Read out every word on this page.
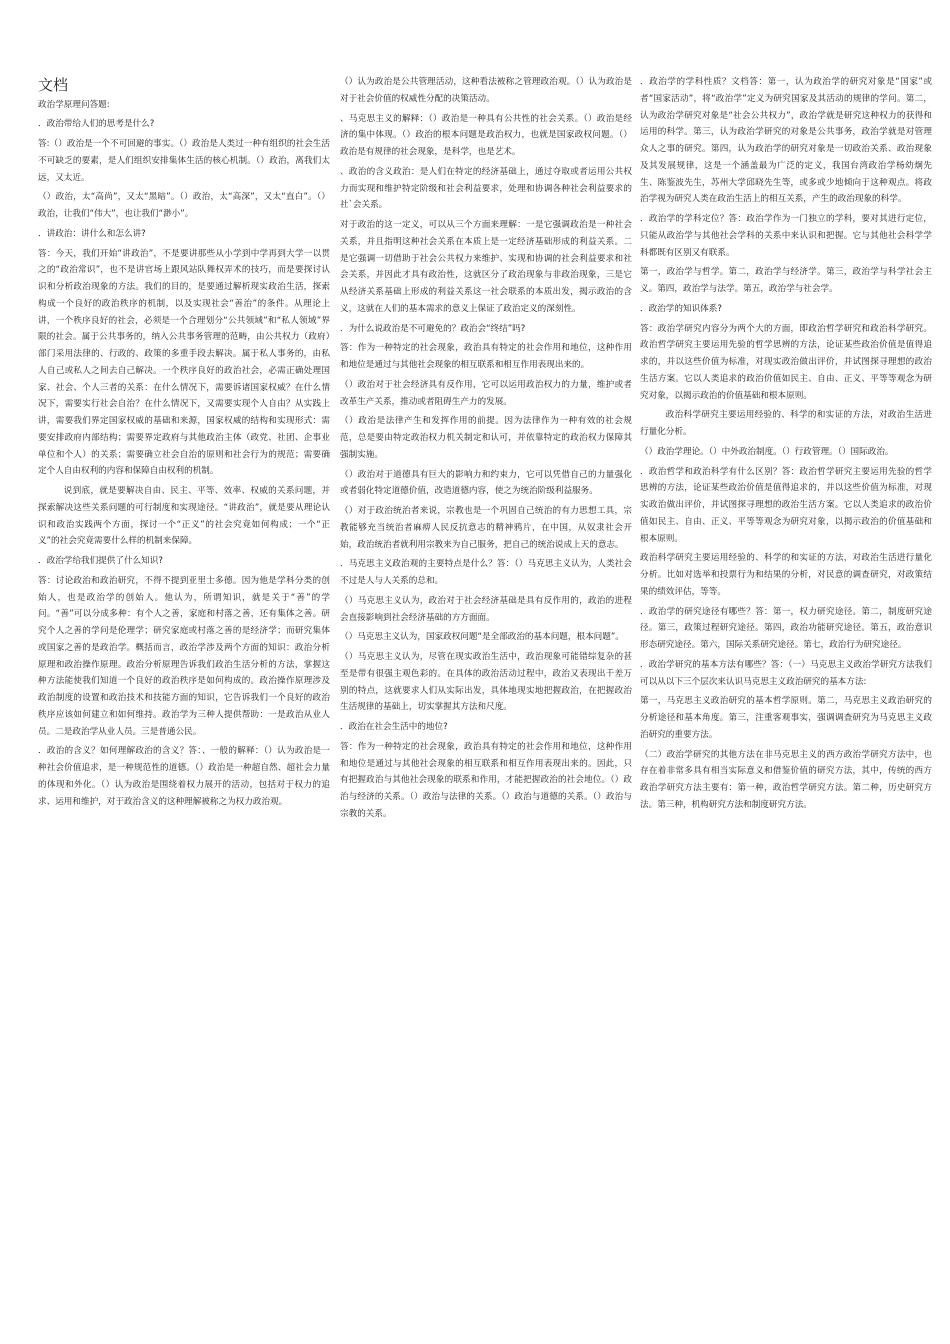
文档

政治学原理问答题:

．政治带给人们的思考是什么?

答:（）政治是一个不可回避的事实。（）政治是人类过一种有组织的社会生活不可缺乏的要素，是人们组织安排集体生活的核心机制。（）政治，离我们太远，又太近。

（）政治，太“高尚”，又太“黑暗”。（）政治，太“高深”，又太“直白”。（）政治，让我们“伟大”，也让我们“渺小”。

．讲政治：讲什么和怎么讲?

答：今天，我们开始“讲政治”，不是要讲那些从小学到中学再到大学一以贯之的“政治常识”，也不是讲官场上跟风站队舞权弄术的技巧，而是要探讨认识和分析政治现象的方法。我们的目的，是要通过解析现实政治生活，探索构成一个良好的政治秩序的机制，以及实现社会“善治”的条件。从理论上讲，一个秩序良好的社会，必须是一个合理划分“公共领域”和“私人领域”界限的社会。属于公共事务的，纳入公共事务管理的范畴，由公共权力（政府）部门采用法律的、行政的、政策的多重手段去解决。属于私人事务的，由私人自己或私人之间去自己解决。一个秩序良好的政治社会，必需正确处理国家、社会、个人三者的关系：在什么情况下，需要诉诸国家权威？在什么情况下，需要实行社会自治？在什么情况下，又需要实现个人自由？从实践上讲，需要我们界定国家权威的基础和来源，国家权威的结构和实现形式：需要安排政府内部结构；需要界定政府与其他政治主体（政党、社团、企事业单位和个人）的关系；需要确立社会自治的原则和社会行为的规范；需要确定个人自由权利的内容和保障自由权利的机制。

说到底，就是要解决自由、民主、平等、效率、权威的关系问题，并探索解决这些关系问题的可行制度和实现途径。“讲政治”，就是要从理论认识和政治实践两个方面，探讨一个“正义”的社会究竟如何构成；一个“正义”的社会究竟需要什么样的机制来保障。

．政治学给我们提供了什么知识?

答：讨论政治和政治研究，不得不提到亚里士多德。因为他是学科分类的创始人，也是政治学的创始人。他认为，所谓知识，就是关于“善”的学问。“善”可以分成多种：有个人之善，家庭和村落之善，还有集体之善。研究个人之善的学问是伦理学；研究家庭或村落之善的是经济学；而研究集体或国家之善的是政治学。概括而言，政治学涉及两个方面的知识：政治分析原理和政治操作原理。政治分析原理告诉我们政治生活分析的方法，掌握这种方法能使我们知道一个良好的政治秩序是如何构成的。政治操作原理涉及政治制度的设置和政治技术和技能方面的知识，它告诉我们一个良好的政治秩序应该如何建立和如何维持。政治学为三种人提供帮助：一是政治从业人员。二是政治学从业人员。三是普通公民。

．政治的含义？如何理解政治的含义？答：、一般的解释：（）认为政治是一种社会价值追求，是一种规范性的道德。（）政治是一种超自然、超社会力量的体现和外化。（）认为政治是围绕着权力展开的活动，包括对于权力的追求、运用和维护，对于政治含义的这种理解被称之为权力政治观。

（）认为政治是公共管理活动，这种看法被称之管理政治观。（）认为政治是对于社会价值的权威性分配的决策活动。

、马克思主义的解释：（）政治是一种具有公共性的社会关系。（）政治是经济的集中体现。（）政治的根本问题是政治权力，也就是国家政权问题。（）政治是有规律的社会现象，是科学，也是艺术。

、政治的含义政治：是人们在特定的经济基础上，通过夺取或者运用公共权力而实现和维护特定阶级和社会利益要求，处理和协调各种社会利益要求的社`会关系。

对于政治的这一定义，可以从三个方面来理解：一是它强调政治是一种社会关系，并且指明这种社会关系在本质上是一定经济基础形成的利益关系。二是它强调一切借助于社会公共权力来维护、实现和协调的社会利益要求和社会关系，并因此才具有政治性，这就区分了政治现象与非政治现象，三是它从经济关系基础上形成的利益关系这一社会联系的本质出发，揭示政治的含义，这就在人们的基本需求的意义上保证了政治定义的深刻性。

．为什么说政治是不可避免的？政治会“终结”吗?

答：作为一种特定的社会现象，政治具有特定的社会作用和地位，这种作用和地位是通过与其他社会现象的相互联系和相互作用表现出来的。

（）政治对于社会经济具有反作用，它可以运用政治权力的力量，维护或者改革生产关系，推动或者阻碍生产力的发展。

（）政治是法律产生和发挥作用的前提。因为法律作为一种有效的社会规范，总是要由特定政治权力机关制定和认可，并依靠特定的政治权力保障其强制实施。

（）政治对于道德具有巨大的影响力和约束力，它可以凭借自己的力量强化或者弱化特定道德价值，改造道德内容，使之为统治阶级利益服务。

（）对于政治统治者来说，宗教也是一个巩固自己统治的有力思想工具，宗教能够充当统治者麻痹人民反抗意志的精神鸦片，在中国，从奴隶社会开始，政治统治者就利用宗教来为自己服务，把自己的统治说成上天的意志。

．马克思主义政治观的主要特点是什么？答：（）马克思主义认为，人类社会不过是人与人关系的总和。

（）马克思主义认为，政治对于社会经济基础是具有反作用的，政治的进程会直接影响到社会经济基础的方方面面。

（）马克思主义认为，国家政权问题“是全部政治的基本问题，根本问题”。

（）马克思主义认为，尽管在现实政治生活中，政治现象可能错综复杂的甚至是带有很强主观色彩的。在具体的政治活动过程中，政治又表现出千差万别的特点，这就要求人们从实际出发，具体地现实地把握政治，在把握政治生活规律的基础上，切实掌握其方法和尺度。

．政治在社会生活中的地位?

答：作为一种特定的社会现象，政治具有特定的社会作用和地位，这种作用和地位是通过与其他社会现象的相互联系和相互作用表现出来的。因此，只有把握政治与其他社会现象的联系和作用，才能把握政治的社会地位。（）政治与经济的关系。（）政治与法律的关系。（）政治与道德的关系。（）政治与宗教的关系。

．政治学的学科性质？文档答：第一，认为政治学的研究对象是“国家”或者“国家活动”，将“政治学”定义为研究国家及其活动的规律的学问。第二，认为政治学研究对象是“社会公共权力”，政治学就是研究这种权力的获得和运用的科学。第三，认为政治学研究的对象是公共事务，政治学就是对管理众人之事的研究。第四，认为政治学的研究对象是一切政治关系、政治现象及其发展规律，这是一个涵盖最为广泛的定义，我国台湾政治学杨幼炯先生、陈鉴波先生，苏州大学邱晓先生等，或多或少地倾向于这种观点。将政治学视为研究人类在政治生活上的相互关系，产生的政治现象的科学。

．政治学的学科定位？答：政治学作为一门独立的学科，要对其进行定位，只能从政治学与其他社会学科的关系中来认识和把握。它与其他社会科学学科都既有区别又有联系。

第一，政治学与哲学。第二，政治学与经济学。第三，政治学与科学社会主义。第四，政治学与法学。第五，政治学与社会学。

．政治学的知识体系?

答：政治学研究内容分为两个大的方面，即政治哲学研究和政治科学研究。政治哲学研究主要运用先验的哲学思辨的方法，论证某些政治价值是值得追求的，并以这些价值为标准，对现实政治做出评价，并试图探寻理想的政治生活方案。它以人类追求的政治价值如民主、自由、正义、平等等观念为研究对象，以揭示政治的价值基础和根本原则。

政治科学研究主要运用经验的、科学的和实证的方法，对政治生活进行量化分析。

（）政治学理论。（）中外政治制度。（）行政管理。（）国际政治。

．政治哲学和政治科学有什么区别？答：政治哲学研究主要运用先验的哲学思辨的方法，论证某些政治价值是值得追求的，并以这些价值为标准，对现实政治做出评价，并试图探寻理想的政治生活方案。它以人类追求的政治价值如民主、自由、正义、平等等观念为研究对象，以揭示政治的价值基础和根本原则。

政治科学研究主要运用经验的、科学的和实证的方法，对政治生活进行量化分析。比如对选举和投票行为和结果的分析，对民意的调查研究，对政策结果的绩效评估，等等。

．政治学的研究途径有哪些？答：第一，权力研究途径。第二，制度研究途径。第三，政策过程研究途径。第四，政治功能研究途径。第五，政治意识形态研究途径。第六，国际关系研究途径。第七，政治行为研究途径。

．政治学研究的基本方法有哪些？答：（一）马克思主义政治学研究方法我们可以从以下三个层次来认识马克思主义政治研究的基本方法:

第一，马克思主义政治研究的基本哲学原则。第二，马克思主义政治研究的分析途径和基本角度。第三，注重客观事实，强调调查研究为马克思主义政治研究的重要方法。

（二）政治学研究的其他方法在非马克思主义的西方政治学研究方法中，也存在着非常多具有相当实际意义和借鉴价值的研究方法，其中，传统的西方政治学研究方法主要有：第一种，政治哲学研究方法。第二种，历史研究方法。第三种，机构研究方法和制度研究方法。
